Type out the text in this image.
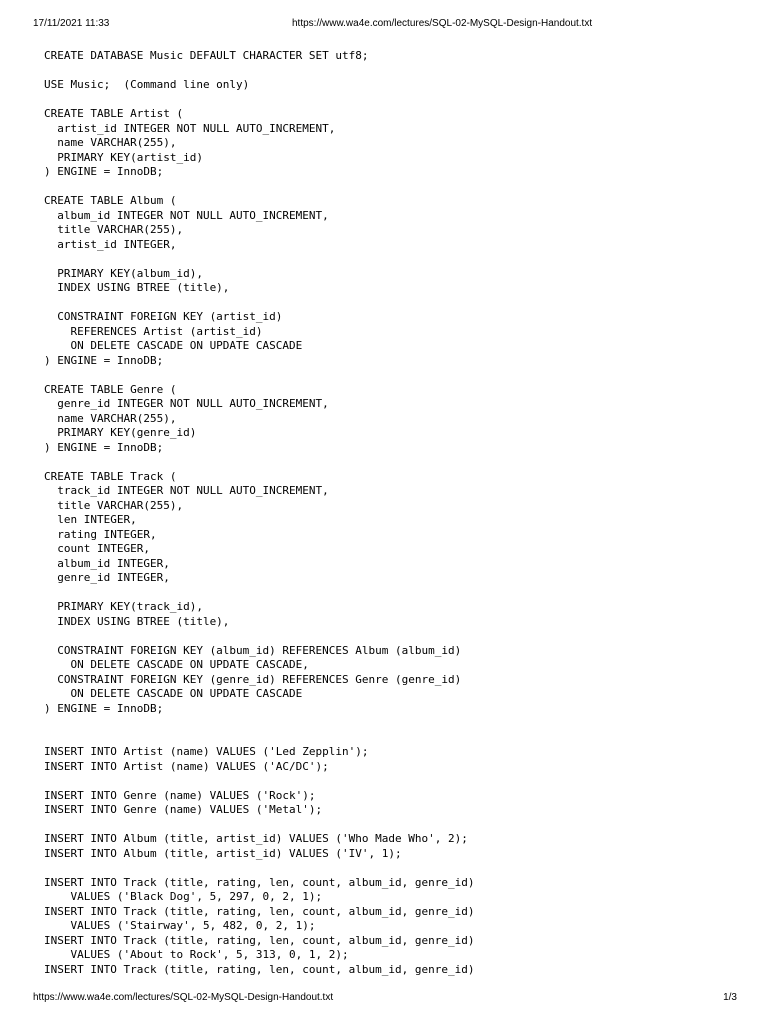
17/11/2021 11:33	https://www.wa4e.com/lectures/SQL-02-MySQL-Design-Handout.txt
CREATE DATABASE Music DEFAULT CHARACTER SET utf8;
USE Music;  (Command line only)
CREATE TABLE Artist (
artist_id INTEGER NOT NULL AUTO_INCREMENT,
name VARCHAR(255),
PRIMARY KEY(artist_id)
) ENGINE = InnoDB;
CREATE TABLE Album (
album_id INTEGER NOT NULL AUTO_INCREMENT,
title VARCHAR(255),
artist_id INTEGER,
PRIMARY KEY(album_id),
INDEX USING BTREE (title),
CONSTRAINT FOREIGN KEY (artist_id)
REFERENCES Artist (artist_id)
ON DELETE CASCADE ON UPDATE CASCADE
) ENGINE = InnoDB;
CREATE TABLE Genre (
genre_id INTEGER NOT NULL AUTO_INCREMENT,
name VARCHAR(255),
PRIMARY KEY(genre_id)
) ENGINE = InnoDB;
CREATE TABLE Track (
track_id INTEGER NOT NULL AUTO_INCREMENT,
title VARCHAR(255),
len INTEGER,
rating INTEGER,
count INTEGER,
album_id INTEGER,
genre_id INTEGER,
PRIMARY KEY(track_id),
INDEX USING BTREE (title),
CONSTRAINT FOREIGN KEY (album_id) REFERENCES Album (album_id)
ON DELETE CASCADE ON UPDATE CASCADE,
CONSTRAINT FOREIGN KEY (genre_id) REFERENCES Genre (genre_id)
ON DELETE CASCADE ON UPDATE CASCADE
) ENGINE = InnoDB;
INSERT INTO Artist (name) VALUES ('Led Zepplin');
INSERT INTO Artist (name) VALUES ('AC/DC');
INSERT INTO Genre (name) VALUES ('Rock');
INSERT INTO Genre (name) VALUES ('Metal');
INSERT INTO Album (title, artist_id) VALUES ('Who Made Who', 2);
INSERT INTO Album (title, artist_id) VALUES ('IV', 1);
INSERT INTO Track (title, rating, len, count, album_id, genre_id)
VALUES ('Black Dog', 5, 297, 0, 2, 1);
INSERT INTO Track (title, rating, len, count, album_id, genre_id)
VALUES ('Stairway', 5, 482, 0, 2, 1);
INSERT INTO Track (title, rating, len, count, album_id, genre_id)
VALUES ('About to Rock', 5, 313, 0, 1, 2);
INSERT INTO Track (title, rating, len, count, album_id, genre_id)
https://www.wa4e.com/lectures/SQL-02-MySQL-Design-Handout.txt	1/3
